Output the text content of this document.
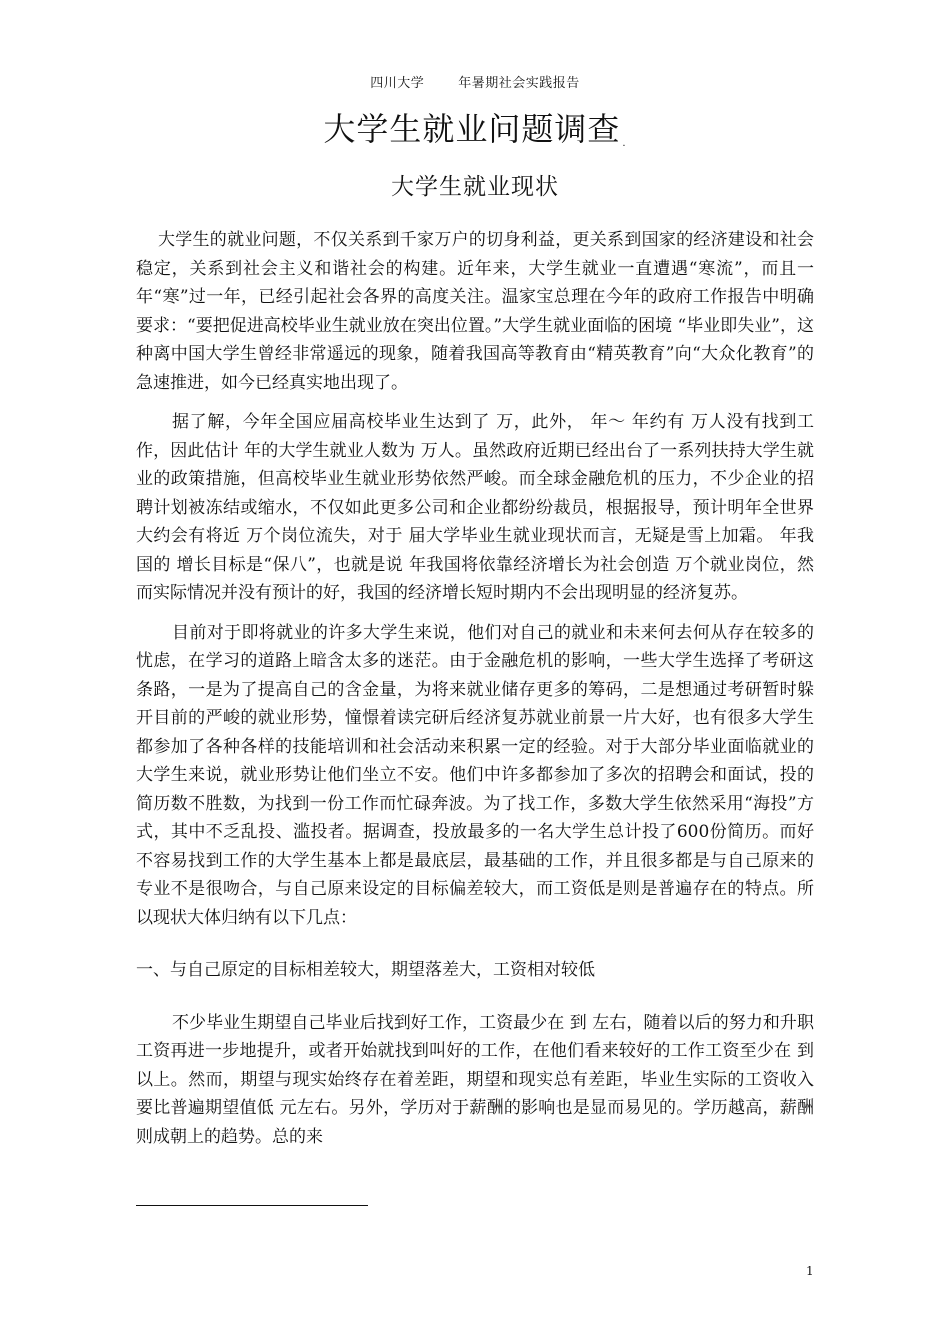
四川大学	年暑期社会实践报告
大学生就业问题调查 .
大学生就业现状

大学生的就业问题，不仅关系到千家万户的切身利益，更关系到国家的经济建设和社会稳定，关系到社会主义和谐社会的构建。近年来，大学生就业一直遭遇“寒流”，而且一年“寒”过一年，已经引起社会各界的高度关注。温家宝总理在今年的政府工作报告中明确要求：“要把促进高校毕业生就业放在突出位置。”大学生就业面临的困境 “毕业即失业”，这种离中国大学生曾经非常遥远的现象，随着我国高等教育由“精英教育”向“大众化教育”的急速推进，如今已经真实地出现了。

据了解，今年全国应届高校毕业生达到了 万，此外， 年～ 年约有 万人没有找到工作，因此估计 年的大学生就业人数为 万人。虽然政府近期已经出台了一系列扶持大学生就业的政策措施，但高校毕业生就业形势依然严峻。而全球金融危机的压力，不少企业的招聘计划被冻结或缩水，不仅如此更多公司和企业都纷纷裁员，根据报导，预计明年全世界大约会有将近 万个岗位流失，对于 届大学毕业生就业现状而言，无疑是雪上加霜。 年我国的 增长目标是“保八”，也就是说 年我国将依靠经济增长为社会创造 万个就业岗位，然而实际情况并没有预计的好，我国的经济增长短时期内不会出现明显的经济复苏。

目前对于即将就业的许多大学生来说，他们对自己的就业和未来何去何从存在较多的忧虑，在学习的道路上暗含太多的迷茫。由于金融危机的影响，一些大学生选择了考研这条路，一是为了提高自己的含金量，为将来就业储存更多的筹码，二是想通过考研暂时躲开目前的严峻的就业形势，憧憬着读完研后经济复苏就业前景一片大好，也有很多大学生都参加了各种各样的技能培训和社会活动来积累一定的经验。对于大部分毕业面临就业的大学生来说，就业形势让他们坐立不安。他们中许多都参加了多次的招聘会和面试，投的简历数不胜数，为找到一份工作而忙碌奔波。为了找工作，多数大学生依然采用“海投”方式，其中不乏乱投、滥投者。据调查，投放最多的一名大学生总计投了600份简历。而好不容易找到工作的大学生基本上都是最底层，最基础的工作，并且很多都是与自己原来的专业不是很吻合，与自己原来设定的目标偏差较大，而工资低是则是普遍存在的特点。所以现状大体归纳有以下几点：

一、与自己原定的目标相差较大，期望落差大，工资相对较低

不少毕业生期望自己毕业后找到好工作，工资最少在 到 左右，随着以后的努力和升职工资再进一步地提升，或者开始就找到叫好的工作，在他们看来较好的工作工资至少在 到 以上。然而，期望与现实始终存在着差距，期望和现实总有差距，毕业生实际的工资收入要比普遍期望值低 元左右。另外，学历对于薪酬的影响也是显而易见的。学历越高，薪酬则成朝上的趋势。总的来

1
